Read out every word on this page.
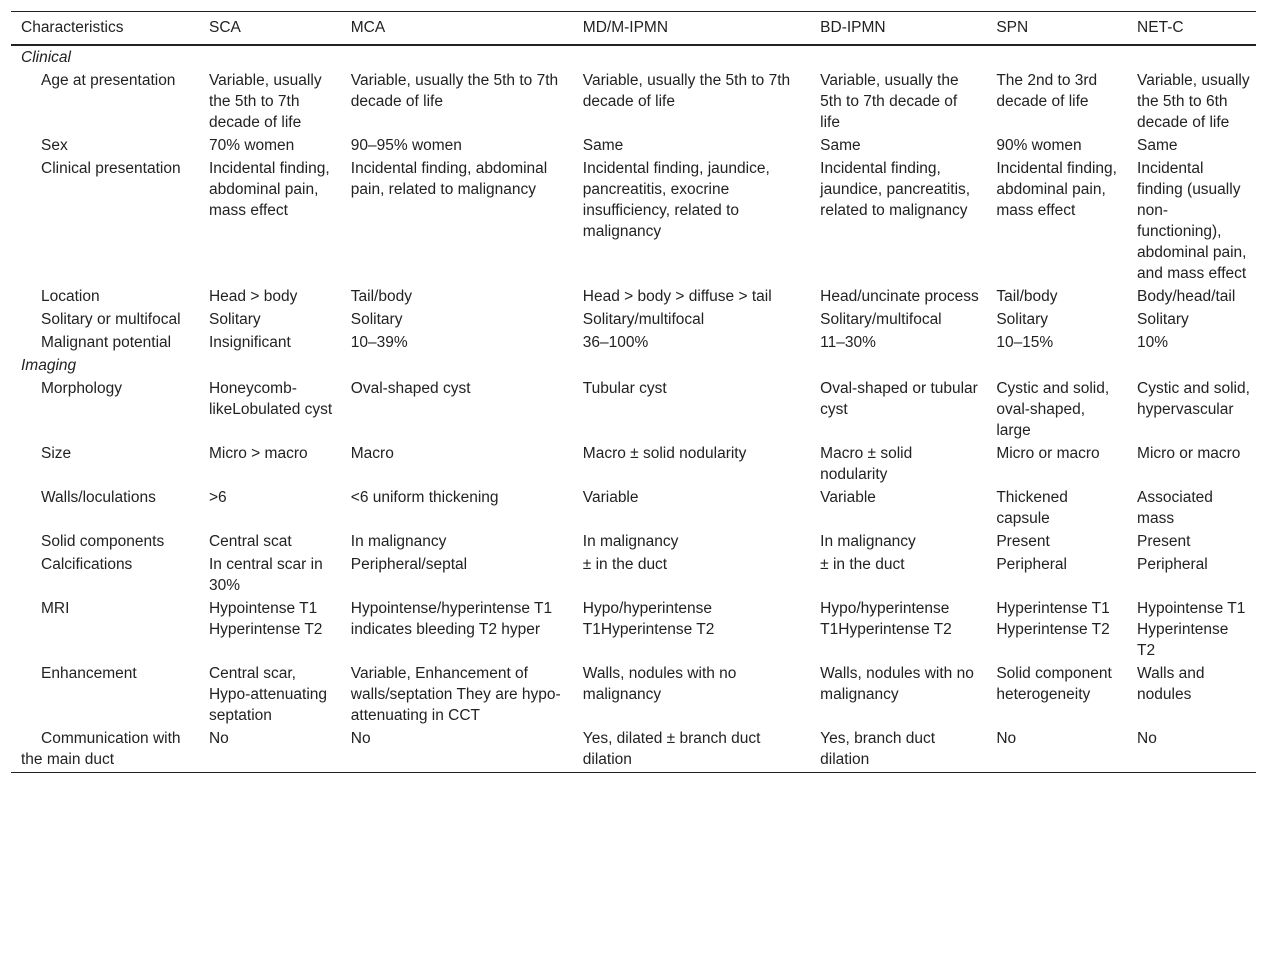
Characteristics	SCA	MCA	MD/M-IPMN	BD-IPMN	SPN	NET-C
Clinical						
Age at presentation	Variable, usually the 5th to 7th decade of life	Variable, usually the 5th to 7th decade of life	Variable, usually the 5th to 7th decade of life	Variable, usually the 5th to 7th decade of life	The 2nd to 3rd decade of life	Variable, usually the 5th to 6th decade of life
Sex	70% women	90–95% women	Same	Same	90% women	Same
Clinical presentation	Incidental finding, abdominal pain, mass effect	Incidental finding, abdominal pain, related to malignancy	Incidental finding, jaundice, pancreatitis, exocrine insufficiency, related to malignancy	Incidental finding, jaundice, pancreatitis, related to malignancy	Incidental finding, abdominal pain, mass effect	Incidental finding (usually non-functioning), abdominal pain, and mass effect
Location	Head > body	Tail/body	Head > body > diffuse > tail	Head/uncinate process	Tail/body	Body/head/tail
Solitary or multifocal	Solitary	Solitary	Solitary/multifocal	Solitary/multifocal	Solitary	Solitary
Malignant potential	Insignificant	10–39%	36–100%	11–30%	10–15%	10%
Imaging						
Morphology	Honeycomb-likeLobulated cyst	Oval-shaped cyst	Tubular cyst	Oval-shaped or tubular cyst	Cystic and solid, oval-shaped, large	Cystic and solid, hypervascular
Size	Micro > macro	Macro	Macro ± solid nodularity	Macro ± solid nodularity	Micro or macro	Micro or macro
Walls/loculations	>6	<6 uniform thickening	Variable	Variable	Thickened capsule	Associated mass
Solid components	Central scat	In malignancy	In malignancy	In malignancy	Present	Present
Calcifications	In central scar in 30%	Peripheral/septal	± in the duct	± in the duct	Peripheral	Peripheral
MRI	Hypointense T1 Hyperintense T2	Hypointense/hyperintense T1 indicates bleeding T2 hyper	Hypo/hyperintense T1Hyperintense T2	Hypo/hyperintense T1Hyperintense T2	Hyperintense T1 Hyperintense T2	Hypointense T1 Hyperintense T2
Enhancement	Central scar, Hypo-attenuating septation	Variable, Enhancement of walls/septation They are hypo-attenuating in CCT	Walls, nodules with no malignancy	Walls, nodules with no malignancy	Solid component heterogeneity	Walls and nodules
Communication with the main duct	No	No	Yes, dilated ± branch duct dilation	Yes, branch duct dilation	No	No
